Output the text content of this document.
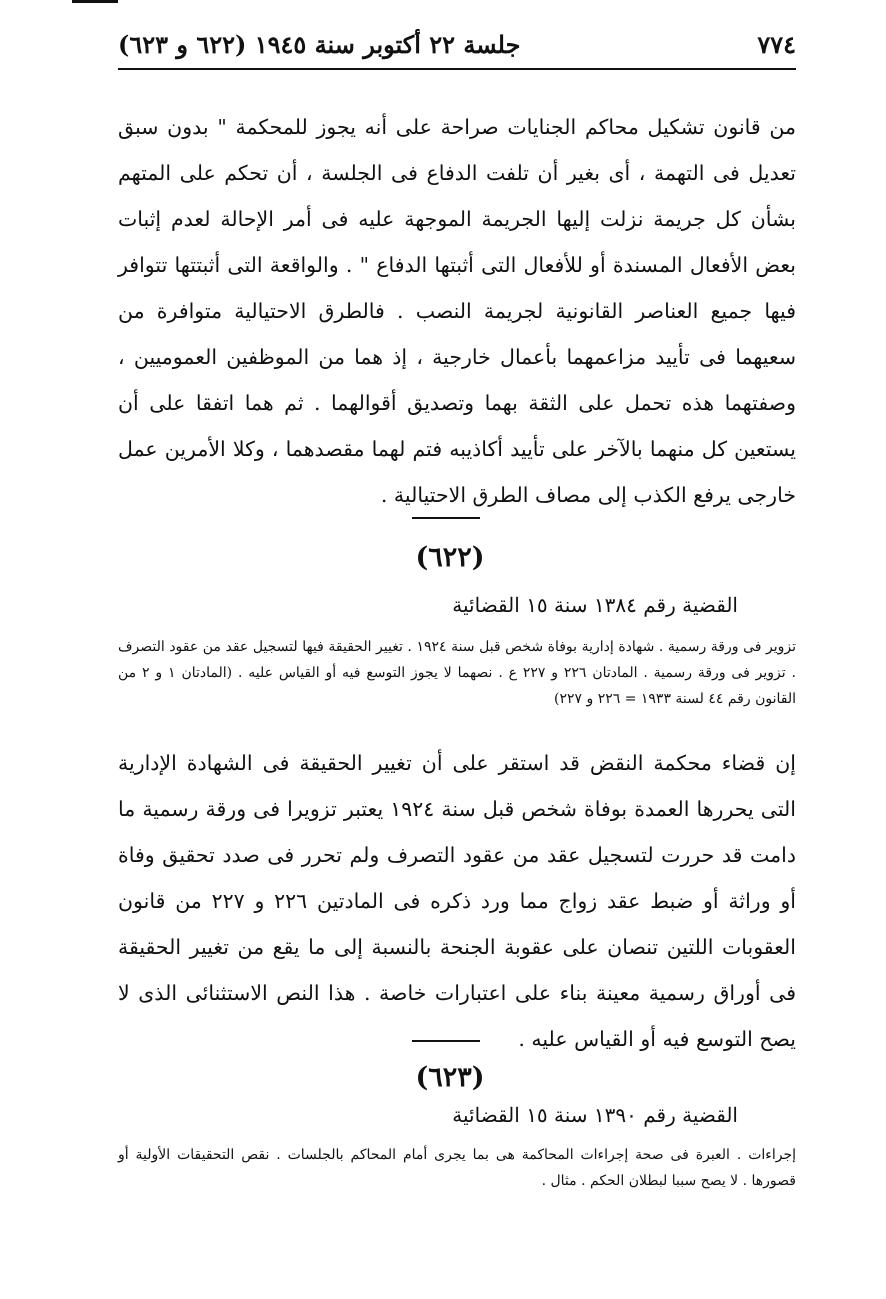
٧٧٤
جلسة ٢٢ أكتوبر سنة ١٩٤٥ (٦٢٢ و ٦٢٣)

من قانون تشكيل محاكم الجنايات صراحة على أنه يجوز للمحكمة " بدون سبق تعديل فى التهمة ، أى بغير أن تلفت الدفاع فى الجلسة ، أن تحكم على المتهم بشأن كل جريمة نزلت إليها الجريمة الموجهة عليه فى أمر الإحالة لعدم إثبات بعض الأفعال المسندة أو للأفعال التى أثبتها الدفاع " . والواقعة التى أثبتتها تتوافر فيها جميع العناصر القانونية لجريمة النصب . فالطرق الاحتيالية متوافرة من سعيهما فى تأييد مزاعمهما بأعمال خارجية ، إذ هما من الموظفين العموميين ، وصفتهما هذه تحمل على الثقة بهما وتصديق أقوالهما . ثم هما اتفقا على أن يستعين كل منهما بالآخر على تأييد أكاذيبه فتم لهما مقصدهما ، وكلا الأمرين عمل خارجى يرفع الكذب إلى مصاف الطرق الاحتيالية .

(٦٢٢)
القضية رقم ١٣٨٤ سنة ١٥ القضائية

تزوير فى ورقة رسمية . شهادة إدارية بوفاة شخص قبل سنة ١٩٢٤ . تغيير الحقيقة فيها لتسجيل عقد من عقود التصرف . تزوير فى ورقة رسمية . المادتان ٢٢٦ و ٢٢٧ ع . نصهما لا يجوز التوسع فيه أو القياس عليه . (المادتان ١ و ٢ من القانون رقم ٤٤ لسنة ١٩٣٣ = ٢٢٦ و ٢٢٧)

إن قضاء محكمة النقض قد استقر على أن تغيير الحقيقة فى الشهادة الإدارية التى يحررها العمدة بوفاة شخص قبل سنة ١٩٢٤ يعتبر تزويرا فى ورقة رسمية ما دامت قد حررت لتسجيل عقد من عقود التصرف ولم تحرر فى صدد تحقيق وفاة أو وراثة أو ضبط عقد زواج مما ورد ذكره فى المادتين ٢٢٦ و ٢٢٧ من قانون العقوبات اللتين تنصان على عقوبة الجنحة بالنسبة إلى ما يقع من تغيير الحقيقة فى أوراق رسمية معينة بناء على اعتبارات خاصة . هذا النص الاستثنائى الذى لا يصح التوسع فيه أو القياس عليه .

(٦٢٣)
القضية رقم ١٣٩٠ سنة ١٥ القضائية

إجراءات . العبرة فى صحة إجراءات المحاكمة هى بما يجرى أمام المحاكم بالجلسات . نقص التحقيقات الأولية أو قصورها . لا يصح سببا لبطلان الحكم . مثال .
